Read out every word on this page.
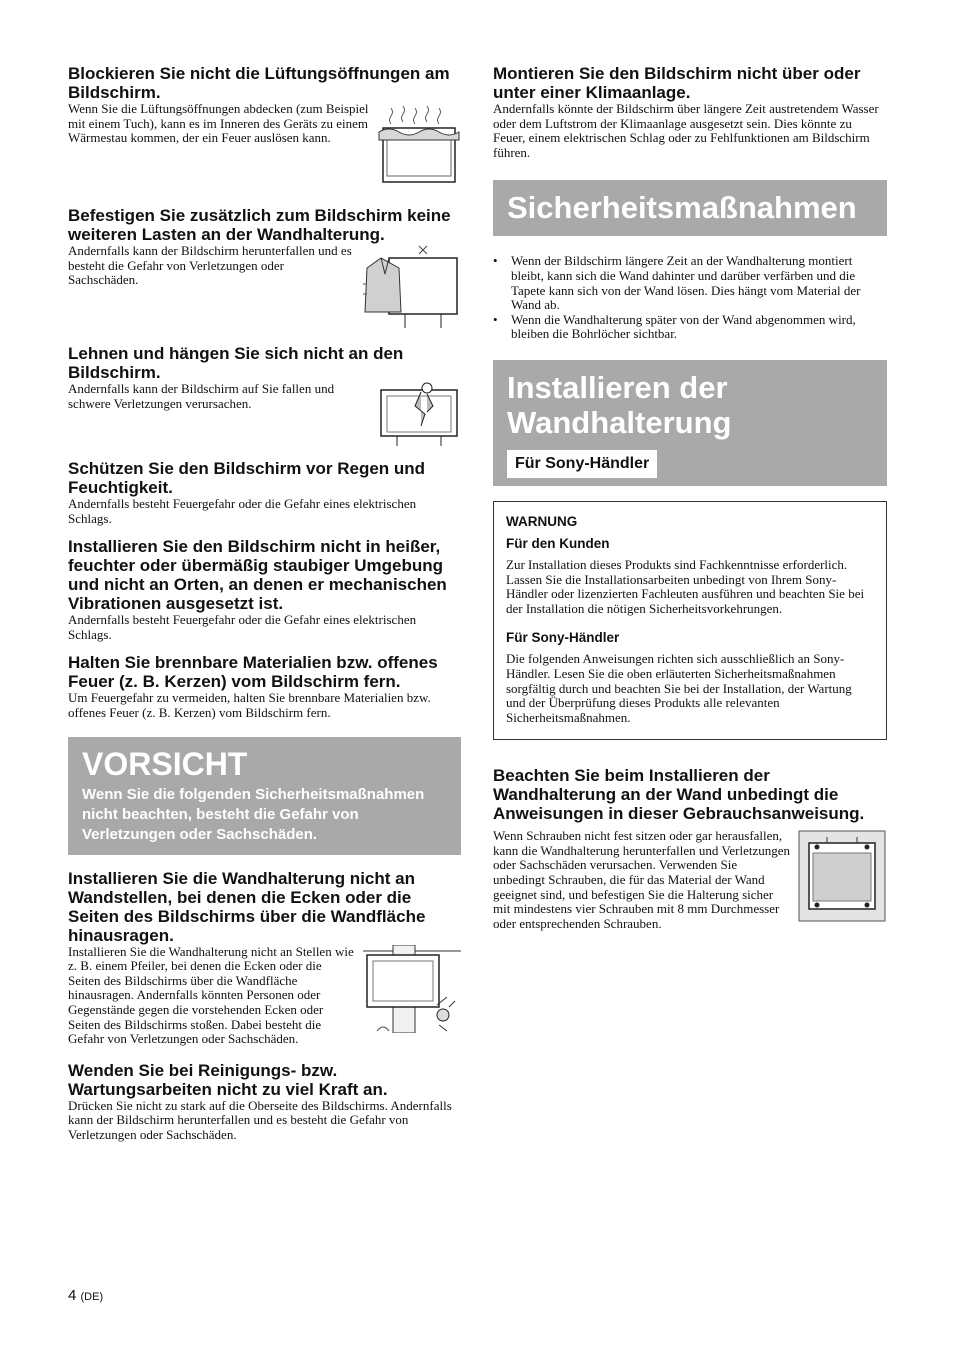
Blockieren Sie nicht die Lüftungsöffnungen am Bildschirm.

Wenn Sie die Lüftungsöffnungen abdecken (zum Beispiel mit einem Tuch), kann es im Inneren des Geräts zu einem Wärmestau kommen, der ein Feuer auslösen kann.

Befestigen Sie zusätzlich zum Bildschirm keine weiteren Lasten an der Wandhalterung.

Andernfalls kann der Bildschirm herunterfallen und es besteht die Gefahr von Verletzungen oder Sachschäden.

Lehnen und hängen Sie sich nicht an den Bildschirm.

Andernfalls kann der Bildschirm auf Sie fallen und schwere Verletzungen verursachen.

Schützen Sie den Bildschirm vor Regen und Feuchtigkeit.

Andernfalls besteht Feuergefahr oder die Gefahr eines elektrischen Schlags.

Installieren Sie den Bildschirm nicht in heißer, feuchter oder übermäßig staubiger Umgebung und nicht an Orten, an denen er mechanischen Vibrationen ausgesetzt ist.

Andernfalls besteht Feuergefahr oder die Gefahr eines elektrischen Schlags.

Halten Sie brennbare Materialien bzw. offenes Feuer (z. B. Kerzen) vom Bildschirm fern.

Um Feuergefahr zu vermeiden, halten Sie brennbare Materialien bzw. offenes Feuer (z. B. Kerzen) vom Bildschirm fern.

VORSICHT
Wenn Sie die folgenden Sicherheitsmaßnahmen nicht beachten, besteht die Gefahr von Verletzungen oder Sachschäden.
Installieren Sie die Wandhalterung nicht an Wandstellen, bei denen die Ecken oder die Seiten des Bildschirms über die Wandfläche hinausragen.

Installieren Sie die Wandhalterung nicht an Stellen wie z. B. einem Pfeiler, bei denen die Ecken oder die Seiten des Bildschirms über die Wandfläche hinausragen. Andernfalls könnten Personen oder Gegenstände gegen die vorstehenden Ecken oder Seiten des Bildschirms stoßen. Dabei besteht die Gefahr von Verletzungen oder Sachschäden.

Wenden Sie bei Reinigungs- bzw. Wartungsarbeiten nicht zu viel Kraft an.

Drücken Sie nicht zu stark auf die Oberseite des Bildschirms. Andernfalls kann der Bildschirm herunterfallen und es besteht die Gefahr von Verletzungen oder Sachschäden.

Montieren Sie den Bildschirm nicht über oder unter einer Klimaanlage.

Andernfalls könnte der Bildschirm über längere Zeit austretendem Wasser oder dem Luftstrom der Klimaanlage ausgesetzt sein. Dies könnte zu Feuer, einem elektrischen Schlag oder zu Fehlfunktionen am Bildschirm führen.

Sicherheitsmaßnahmen
• Wenn der Bildschirm längere Zeit an der Wandhalterung montiert bleibt, kann sich die Wand dahinter und darüber verfärben und die Tapete kann sich von der Wand lösen. Dies hängt vom Material der Wand ab.
• Wenn die Wandhalterung später von der Wand abgenommen wird, bleiben die Bohrlöcher sichtbar.
Installieren der Wandhalterung
Für Sony-Händler
WARNUNG
Für den Kunden

Zur Installation dieses Produkts sind Fachkenntnisse erforderlich. Lassen Sie die Installationsarbeiten unbedingt von Ihrem Sony-Händler oder lizenzierten Fachleuten ausführen und beachten Sie bei der Installation die nötigen Sicherheitsvorkehrungen.

Für Sony-Händler

Die folgenden Anweisungen richten sich ausschließlich an Sony-Händler. Lesen Sie die oben erläuterten Sicherheitsmaßnahmen sorgfältig durch und beachten Sie bei der Installation, der Wartung und der Überprüfung dieses Produkts alle relevanten Sicherheitsmaßnahmen.

Beachten Sie beim Installieren der Wandhalterung an der Wand unbedingt die Anweisungen in dieser Gebrauchsanweisung.

Wenn Schrauben nicht fest sitzen oder gar herausfallen, kann die Wandhalterung herunterfallen und Verletzungen oder Sachschäden verursachen. Verwenden Sie unbedingt Schrauben, die für das Material der Wand geeignet sind, und befestigen Sie die Halterung sicher mit mindestens vier Schrauben mit 8 mm Durchmesser oder entsprechenden Schrauben.

4 (DE)
